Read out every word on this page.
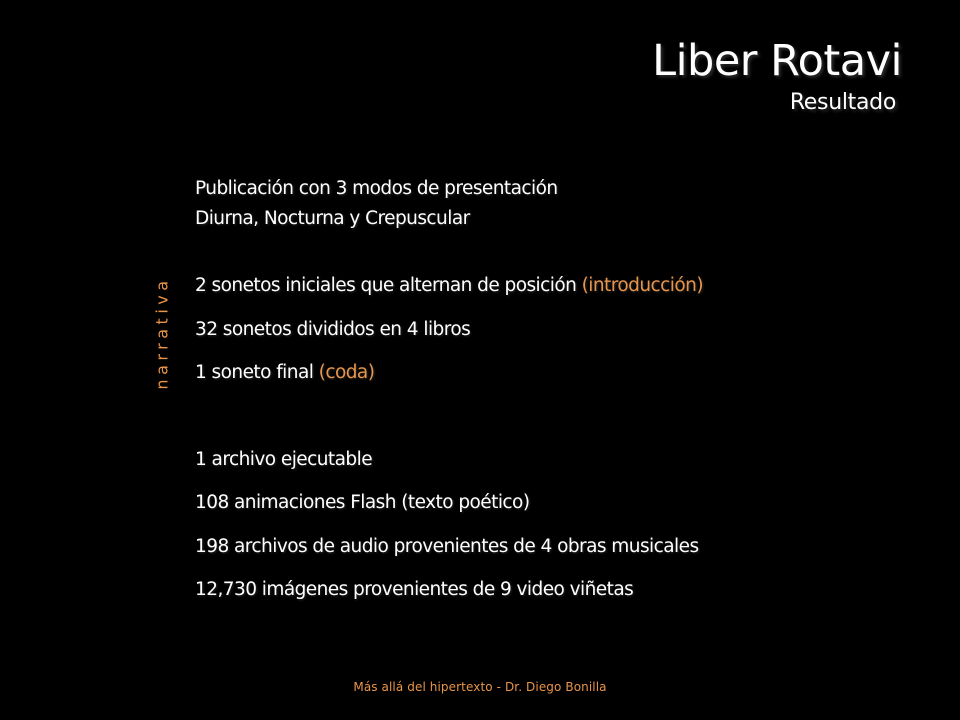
Liber Rotavi
Resultado
narrativa
Publicación con 3 modos de presentación
Diurna, Nocturna y Crepuscular
2 sonetos iniciales que alternan de posición (introducción)
32 sonetos divididos en 4 libros
1 soneto final (coda)
1 archivo ejecutable
108 animaciones Flash (texto poético)
198 archivos de audio provenientes de 4 obras musicales
12,730 imágenes provenientes de 9 video viñetas
Más allá del hipertexto - Dr. Diego Bonilla
